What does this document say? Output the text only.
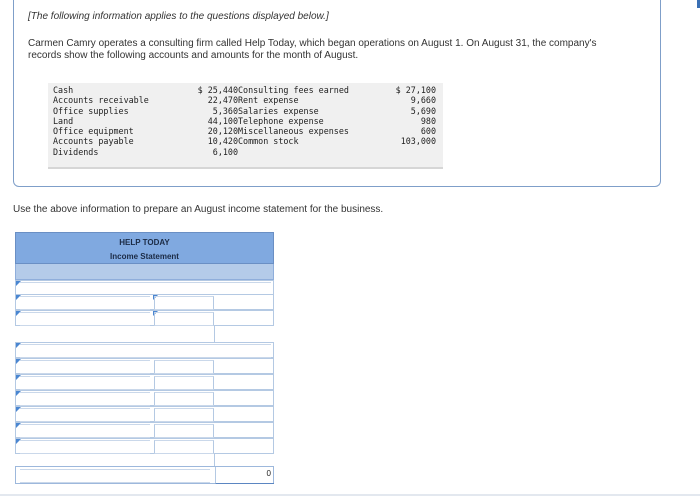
[The following information applies to the questions displayed below.]
Carmen Camry operates a consulting firm called Help Today, which began operations on August 1. On August 31, the company's records show the following accounts and amounts for the month of August.
Cash
Accounts receivable
Office supplies
Land
Office equipment
Accounts payable
Dividends
$ 25,440
22,470
5,360
44,100
20,120
10,420
6,100
Consulting fees earned
Rent expense
Salaries expense
Telephone expense
Miscellaneous expenses
Common stock
$ 27,100
9,660
5,690
980
600
103,000
Use the above information to prepare an August income statement for the business.
HELP TODAY
Income Statement
0
